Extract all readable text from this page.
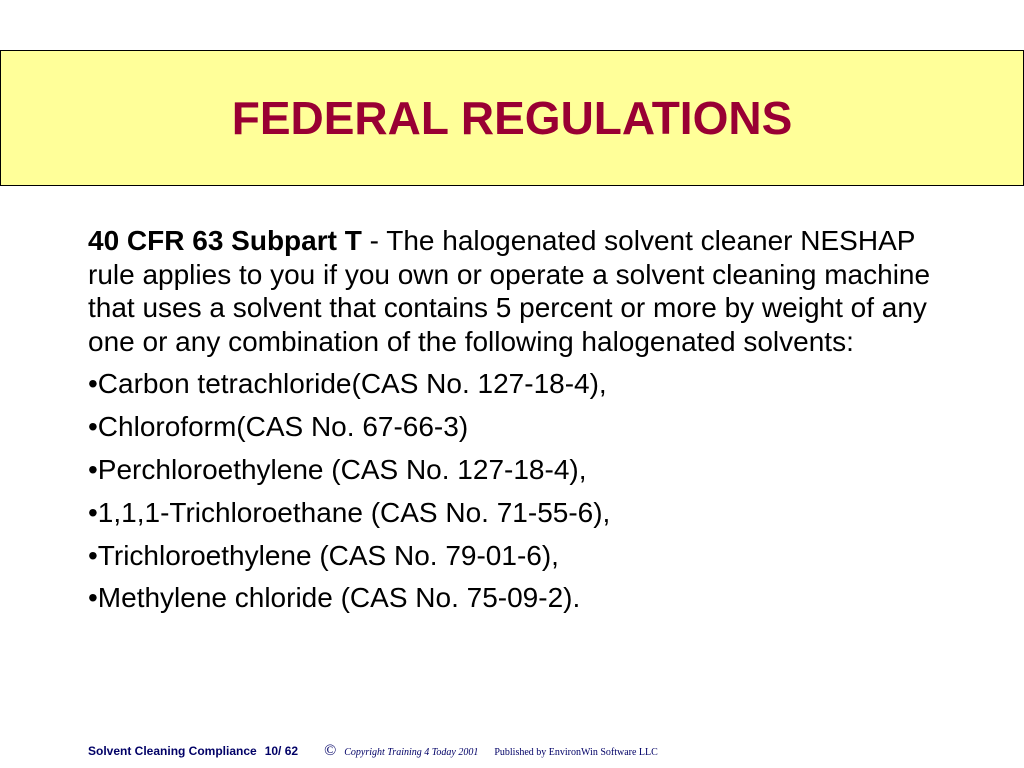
FEDERAL REGULATIONS

40 CFR 63 Subpart T - The halogenated solvent cleaner NESHAP rule applies to you if you own or operate a solvent cleaning machine that uses a solvent that contains 5 percent or more by weight of any one or any combination of the following halogenated solvents:

•Carbon tetrachloride(CAS No. 127-18-4),
•Chloroform(CAS No. 67-66-3)
•Perchloroethylene (CAS No. 127-18-4),
•1,1,1-Trichloroethane (CAS No. 71-55-6),
•Trichloroethylene (CAS No. 79-01-6),
•Methylene chloride (CAS No. 75-09-2).
Solvent Cleaning Compliance 10/ 62 © Copyright Training 4 Today 2001 Published by EnvironWin Software LLC
